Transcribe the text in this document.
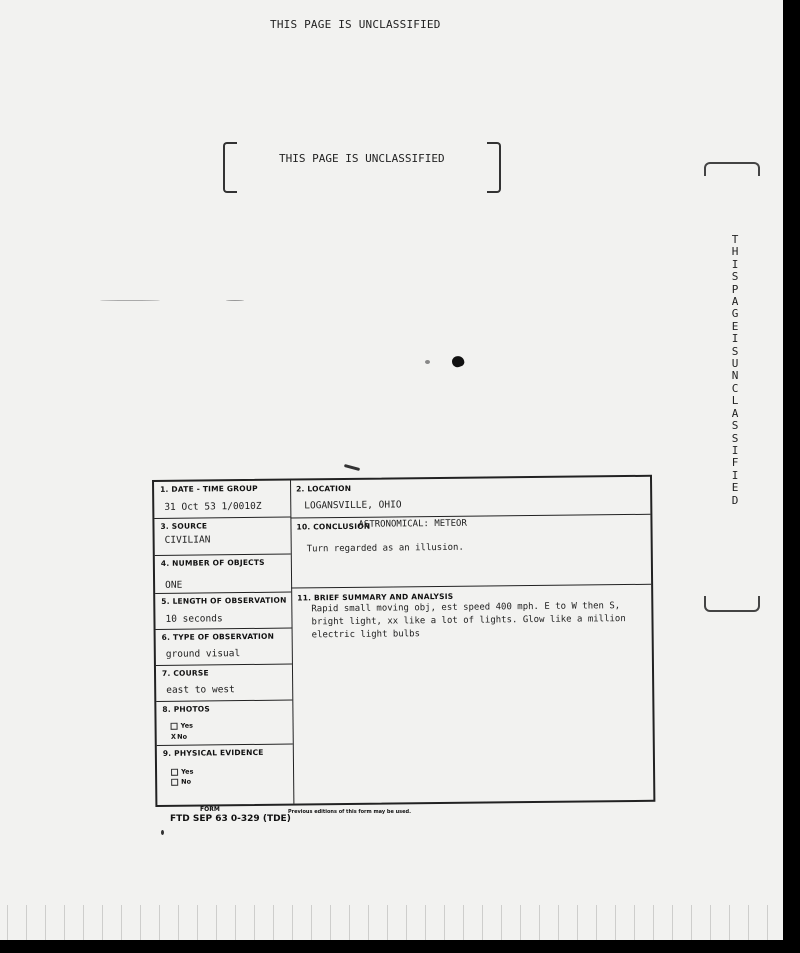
THIS PAGE IS UNCLASSIFIED
THIS PAGE IS UNCLASSIFIED
THIS PAGE IS UNCLASSIFIED
1. DATE - TIME GROUP
31 Oct 53 1/0010Z
3. SOURCE
CIVILIAN
4. NUMBER OF OBJECTS
ONE
5. LENGTH OF OBSERVATION
10 seconds
6. TYPE OF OBSERVATION
ground visual
7. COURSE
east to west
8. PHOTOS
Yes
xNo
9. PHYSICAL EVIDENCE
Yes
No
2. LOCATION
LOGANSVILLE, OHIO
10. CONCLUSION
ASTRONOMICAL: METEOR
Turn regarded as an illusion.
11. BRIEF SUMMARY AND ANALYSIS
Rapid small moving obj, est speed 400 mph. E to W then S,
bright light, xx like a lot of lights. Glow like a million
electric light bulbs
FORM
FTD SEP 63 0-329 (TDE)
Previous editions of this form may be used.
